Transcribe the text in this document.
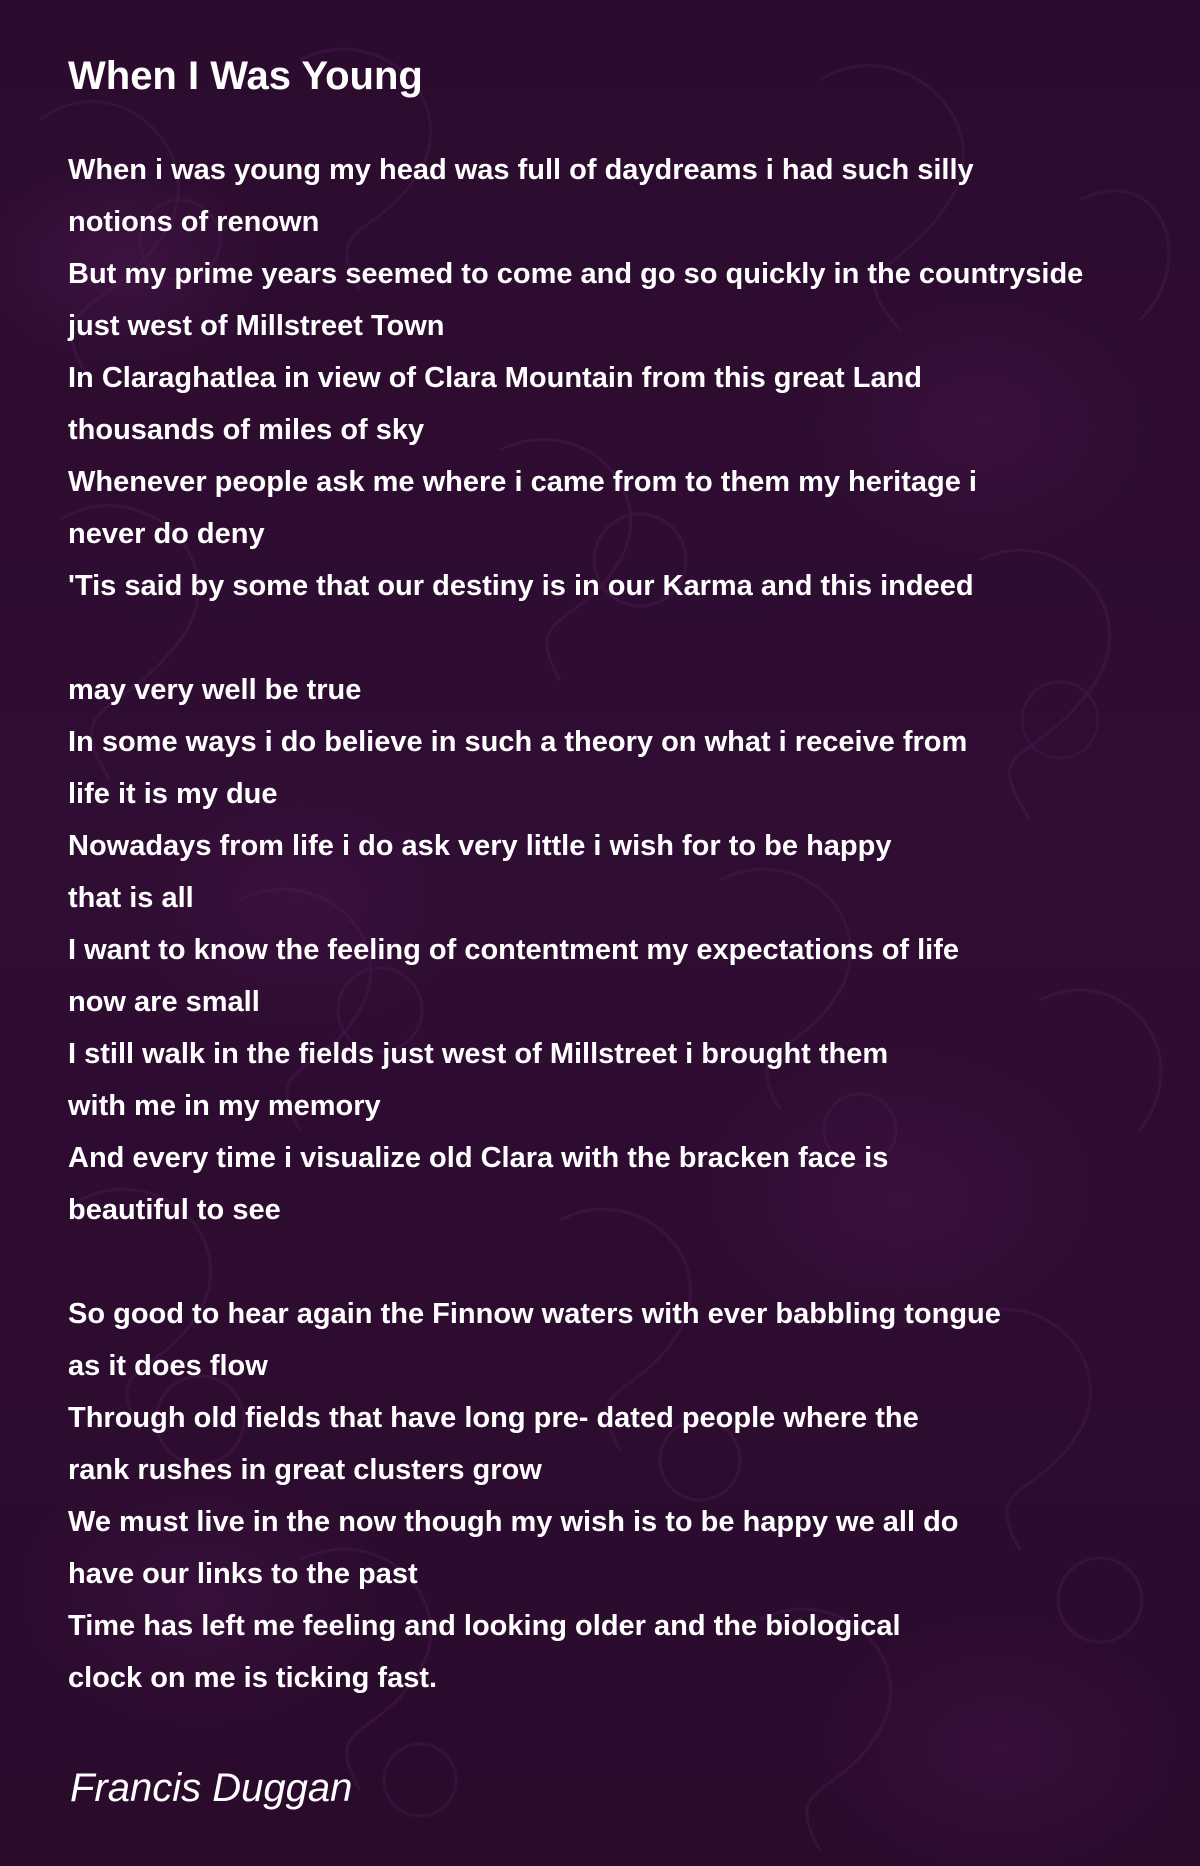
When I Was Young
When i was young my head was full of daydreams i had such silly
notions of renown
But my prime years seemed to come and go so quickly in the countryside
just west of Millstreet Town
In Claraghatlea in view of Clara Mountain from this great Land
thousands of miles of sky
Whenever people ask me where i came from to them my heritage i
never do deny
'Tis said by some that our destiny is in our Karma and this indeed
may very well be true
In some ways i do believe in such a theory on what i receive from
life it is my due
Nowadays from life i do ask very little i wish for to be happy
that is all
I want to know the feeling of contentment my expectations of life
now are small
I still walk in the fields just west of Millstreet i brought them
with me in my memory
And every time i visualize old Clara with the bracken face is
beautiful to see
So good to hear again the Finnow waters with ever babbling tongue
as it does flow
Through old fields that have long pre- dated people where the
rank rushes in great clusters grow
We must live in the now though my wish is to be happy we all do
have our links to the past
Time has left me feeling and looking older and the biological
clock on me is ticking fast.
Francis Duggan
